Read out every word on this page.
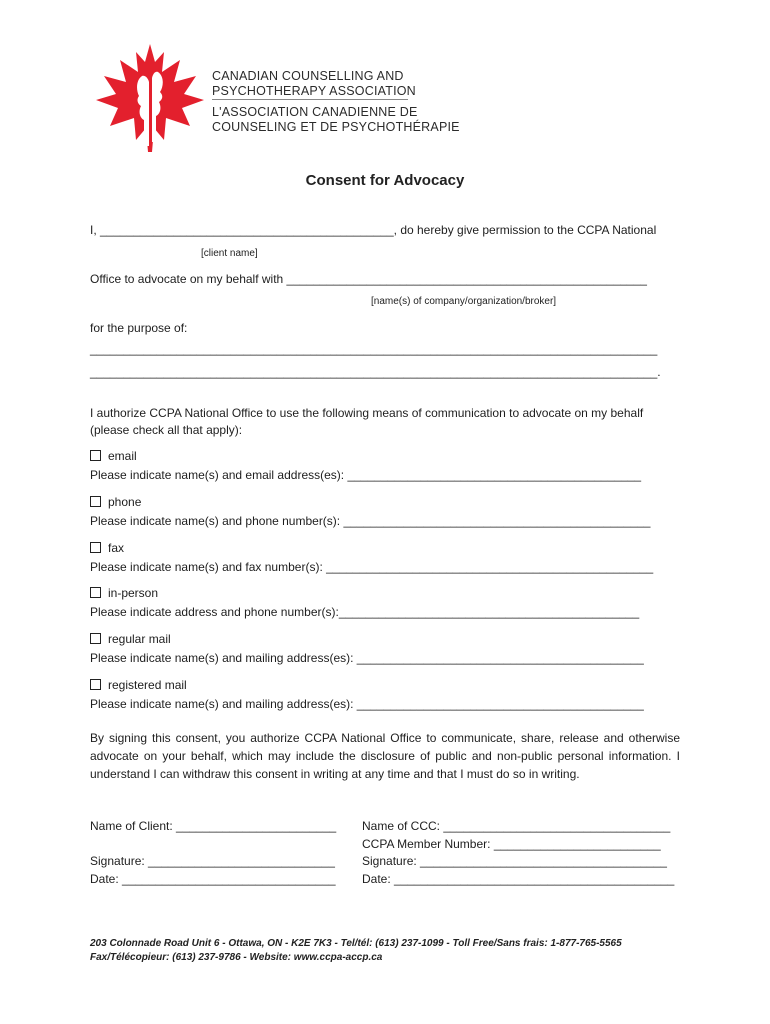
CANADIAN COUNSELLING AND
PSYCHOTHERAPY ASSOCIATION
L'ASSOCIATION CANADIENNE DE
COUNSELING ET DE PSYCHOTHÉRAPIE
Consent for Advocacy
I, ____________________________________________, do hereby give permission to the CCPA National
[client name]
Office to advocate on my behalf with ______________________________________________________
[name(s) of company/organization/broker]
for the purpose of:
_____________________________________________________________________________________
_____________________________________________________________________________________.
I authorize CCPA National Office to use the following means of communication to advocate on my behalf
(please check all that apply):
email
Please indicate name(s) and email address(es): ____________________________________________
phone
Please indicate name(s) and phone number(s): ______________________________________________
fax
Please indicate name(s) and fax number(s): _________________________________________________
in-person
Please indicate address and phone number(s):_____________________________________________
regular mail
Please indicate name(s) and mailing address(es): ___________________________________________
registered mail
Please indicate name(s) and mailing address(es): ___________________________________________
By signing this consent, you authorize CCPA National Office to communicate, share, release and otherwise advocate on your behalf, which may include the disclosure of public and non-public personal information. I understand I can withdraw this consent in writing at any time and that I must do so in writing.
Name of Client: ________________________
Signature: ____________________________
Date: ________________________________
Name of CCC: __________________________________
CCPA Member Number: _________________________
Signature: _____________________________________
Date: __________________________________________
203 Colonnade Road Unit 6 - Ottawa, ON - K2E 7K3 - Tel/tél: (613) 237-1099 - Toll Free/Sans frais: 1-877-765-5565
Fax/Télécopieur: (613) 237-9786 - Website: www.ccpa-accp.ca
